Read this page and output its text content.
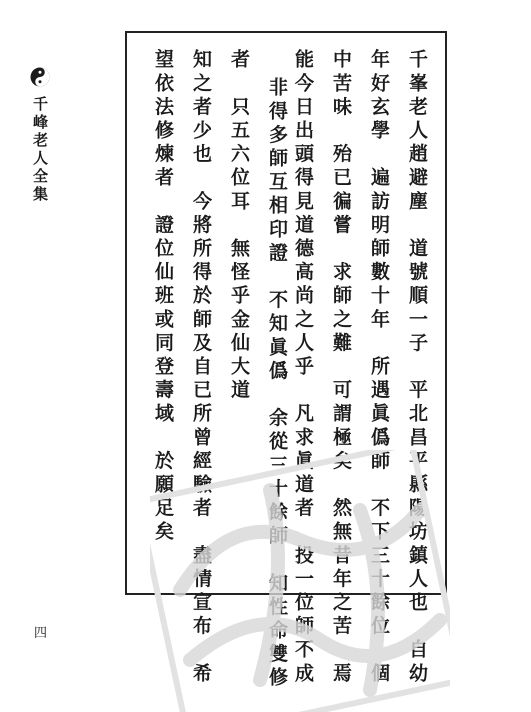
千峰老人全集	千峯老人趙避塵　道號順一子　平北昌平縣陽坊鎮人也　自幼
年好玄學　遍訪明師數十年　所遇眞僞師　不下三十餘位　個
中苦味　殆已徧嘗　求師之難　可謂極矣　然無昔年之苦　焉
能今日出頭得見道德高尚之人乎　凡求眞道者　投一位師不成
非得多師互相印證　不知眞僞　余從三十餘師　知性命雙修
者　只五六位耳　無怪乎金仙大道
知之者少也　今將所得於師及自已所曾經驗者　盡情宣布　希
望依法修煉者　證位仙班或同登壽域　於願足矣
四
